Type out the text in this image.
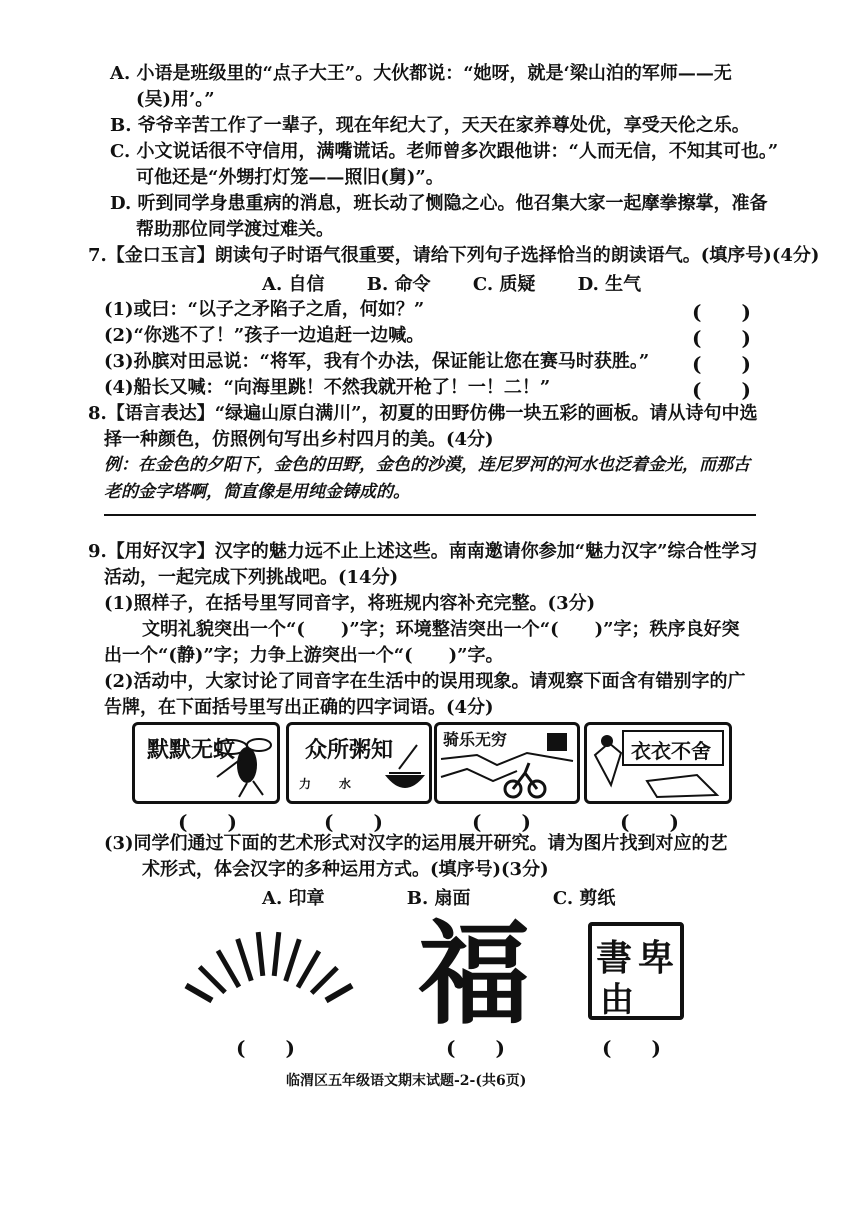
A. 小语是班级里的“点子大王”。大伙都说：“她呀，就是‘梁山泊的军师——无
(吴)用’。”
B. 爷爷辛苦工作了一辈子，现在年纪大了，天天在家养尊处优，享受天伦之乐。
C. 小文说话很不守信用，满嘴谎话。老师曾多次跟他讲：“人而无信，不知其可也。”
可他还是“外甥打灯笼——照旧(舅)”。
D. 听到同学身患重病的消息，班长动了恻隐之心。他召集大家一起摩拳擦掌，准备
帮助那位同学渡过难关。
7.【金口玉言】朗读句子时语气很重要，请给下列句子选择恰当的朗读语气。(填序号)(4分)
A. 自信 B. 命令 C. 质疑 D. 生气
(1)或曰：“以子之矛陷子之盾，何如？”	(　　)
(2)“你逃不了！”孩子一边追赶一边喊。	(　　)
(3)孙膑对田忌说：“将军，我有个办法，保证能让您在赛马时获胜。” (　　)
(4)船长又喊：“向海里跳！不然我就开枪了！一！二！”	(　　)
8.【语言表达】“绿遍山原白满川”，初夏的田野仿佛一块五彩的画板。请从诗句中选
择一种颜色，仿照例句写出乡村四月的美。(4分)
例：在金色的夕阳下，金色的田野，金色的沙漠，连尼罗河的河水也泛着金光，而那古
老的金字塔啊，简直像是用纯金铸成的。
9.【用好汉字】汉字的魅力远不止上述这些。南南邀请你参加“魅力汉字”综合性学习
活动，一起完成下列挑战吧。(14分)
(1)照样子，在括号里写同音字，将班规内容补充完整。(3分)
文明礼貌突出一个“(　　)”字；环境整洁突出一个“(　　)”字；秩序良好突
出一个“(静)”字；力争上游突出一个“(　　)”字。
(2)活动中，大家讨论了同音字在生活中的误用现象。请观察下面含有错别字的广
告牌，在下面括号里写出正确的四字词语。(4分)
默默无蚊	众所粥知
力 水
骑乐无穷	衣衣不舍
(　　)	(　　)	(　　)	(　　)
(3)同学们通过下面的艺术形式对汉字的运用展开研究。请为图片找到对应的艺
术形式，体会汉字的多种运用方式。(填序号)(3分)
A. 印章	B. 扇面	C. 剪纸
福 書 卑
由
(　　)	(　　)	(　　)
临渭区五年级语文期末试题-2-(共6页)
